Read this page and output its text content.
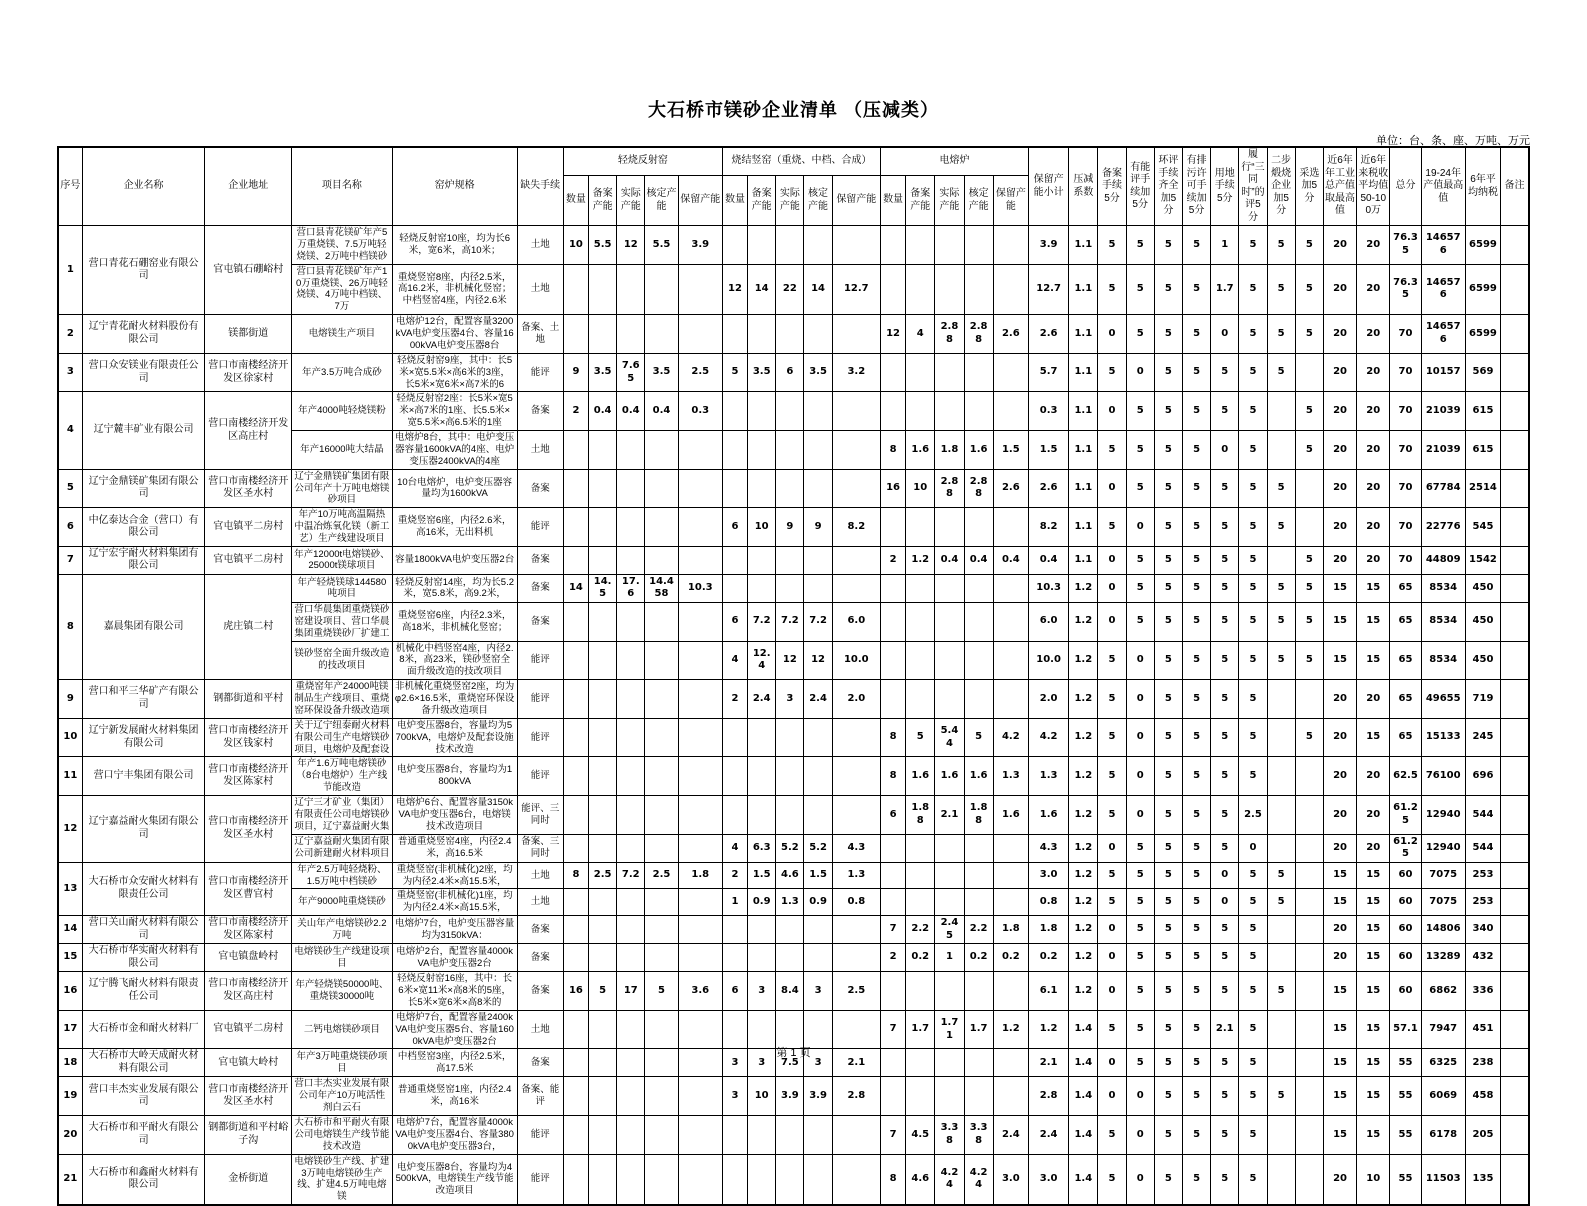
大石桥市镁砂企业清单 （压减类）
单位：台、条、座、万吨、万元
序号	企业名称	企业地址	项目名称	窑炉规格	缺失手续	轻烧反射窑					烧结竖窑（重烧、中档、合成）					电熔炉					保留产能小计	压减系数	备案手续5分	有能评手续加5分	环评手续齐全加5分	有排污许可手续加5分	用地手续5分	履行“三同时”的评5分	二步煅烧企业加5分	采选加5分	近6年年工业总产值取最高值	近6年来税收平均值50-100万	总分	19-24年产值最高值	6年平均纳税	备注
						数量	备案产能	实际产能	核定产能	保留产能	数量	备案产能	实际产能	核定产能	保留产能	数量	备案产能	实际产能	核定产能	保留产能																
1	营口青花石硼窑业有限公司	官屯镇石硼峪村	营口县青花镁矿年产5万重烧镁、7.5万吨轻烧镁、2万吨中档镁砂	轻烧反射窑10座，均为长6米，宽6米，高10米；	土地	10	5.5	12	5.5	3.9											3.9	1.1	5	5	5	5	1	5	5	5	20	20	76.35	146576	6599	
			营口县青花镁矿年产10万重烧镁、26万吨轻烧镁、4万吨中档镁、7万	重烧竖窑8座，内径2.5米，高16.2米，非机械化竖窑；中档竖窑4座，内径2.6米	土地						12	14	22	14	12.7						12.7	1.1	5	5	5	5	1.7	5	5	5	20	20	76.35	146576	6599	
2	辽宁青花耐火材料股份有限公司	镁都街道	电熔镁生产项目	电熔炉12台，配置容量3200kVA电炉变压器4台、容量1600kVA电炉变压器8台	备案、土地											12	4	2.88	2.88	2.6	2.6	1.1	0	5	5	5	0	5	5	5	20	20	70	146576	6599	
3	营口众安镁业有限责任公司	营口市南楼经济开发区徐家村	年产3.5万吨合成砂	轻烧反射窑9座，其中：长5米×宽5.5米×高6米的3座，长5米×宽6米×高7米的6	能评	9	3.5	7.65	3.5	2.5	5	3.5	6	3.5	3.2						5.7	1.1	5	0	5	5	5	5	5		20	20	70	10157	569	
4	辽宁麓丰矿业有限公司	营口南楼经济开发区高庄村	年产4000吨轻烧镁粉	轻烧反射窑2座：长5米×宽5米×高7米的1座、长5.5米×宽5.5米×高6.5米的1座	备案	2	0.4	0.4	0.4	0.3											0.3	1.1	0	5	5	5	5	5		5	20	20	70	21039	615	
			年产16000吨大结晶	电熔炉8台，其中：电炉变压器容量1600kVA的4座、电炉变压器2400kVA的4座	土地											8	1.6	1.8	1.6	1.5	1.5	1.1	5	5	5	5	0	5		5	20	20	70	21039	615	
5	辽宁金鼎镁矿集团有限公司	营口市南楼经济开发区圣水村	辽宁金鼎镁矿集团有限公司年产十万吨电熔镁砂项目	10台电熔炉，电炉变压器容量均为1600kVA	备案											16	10	2.88	2.88	2.6	2.6	1.1	0	5	5	5	5	5	5		20	20	70	67784	2514	
6	中亿泰达合金（营口）有限公司	官屯镇平二房村	年产10万吨高温隔热中温冶炼氧化镁（新工艺）生产线建设项目	重烧竖窑6座，内径2.6米，高16米，无出料机	能评						6	10	9	9	8.2						8.2	1.1	5	0	5	5	5	5	5		20	20	70	22776	545	
7	辽宁宏宇耐火材料集团有限公司	官屯镇平二房村	年产12000t电熔镁砂、25000t镁球项目	容量1800kVA电炉变压器2台	备案											2	1.2	0.4	0.4	0.4	0.4	1.1	0	5	5	5	5	5		5	20	20	70	44809	1542	
8	嘉晨集团有限公司	虎庄镇二村	年产轻烧镁球144580吨项目	轻烧反射窑14座，均为长5.2米，宽5.8米，高9.2米，	备案	14	14.5	17.6	14.458	10.3											10.3	1.2	0	5	5	5	5	5	5	5	15	15	65	8534	450	
			营口华晨集团重烧镁砂窑建设项目、营口华晨集团重烧镁砂厂扩建工	重烧竖窑6座，内径2.3米，高18米，非机械化竖窑；	备案						6	7.2	7.2	7.2	6.0						6.0	1.2	0	5	5	5	5	5	5	5	15	15	65	8534	450	
			镁砂竖窑全面升级改造的技改项目	机械化中档竖窑4座，内径2.8米，高23米，镁砂竖窑全面升级改造的技改项目	能评						4	12.4	12	12	10.0						10.0	1.2	5	0	5	5	5	5	5	5	15	15	65	8534	450	
9	营口和平三华矿产有限公司	钢都街道和平村	重烧窑年产24000吨镁制品生产线项目、重烧窑环保设备升级改造项	非机械化重烧竖窑2座，均为φ2.6×16.5米，重烧窑环保设备升级改造项目	能评						2	2.4	3	2.4	2.0						2.0	1.2	5	0	5	5	5	5			20	20	65	49655	719	
10	辽宁新发展耐火材料集团有限公司	营口市南楼经济开发区钱家村	关于辽宁纽泰耐火材料有限公司生产电熔镁砂项目，电熔炉及配套设	电炉变压器8台，容量均为5700kVA，电熔炉及配套设施技术改造	能评											8	5	5.44	5	4.2	4.2	1.2	5	0	5	5	5	5		5	20	15	65	15133	245	
11	营口宁丰集团有限公司	营口市南楼经济开发区陈家村	年产1.6万吨电熔镁砂（8台电熔炉）生产线节能改造	电炉变压器8台，容量均为1800kVA	能评											8	1.6	1.6	1.6	1.3	1.3	1.2	5	0	5	5	5	5			20	20	62.5	76100	696	
12	辽宁嘉益耐火集团有限公司	营口市南楼经济开发区圣水村	辽宁三才矿业（集团）有限责任公司电熔镁砂项目，辽宁嘉益耐火集	电熔炉6台、配置容量3150kVA电炉变压器6台，电熔镁技术改造项目	能评、三同时											6	1.88	2.1	1.88	1.6	1.6	1.2	5	0	5	5	5	2.5			20	20	61.25	12940	544	
			辽宁嘉益耐火集团有限公司新建耐火材料项目	普通重烧竖窑4座，内径2.4米，高16.5米	备案、三同时						4	6.3	5.2	5.2	4.3						4.3	1.2	0	5	5	5	5	0			20	20	61.25	12940	544	
13	大石桥市众安耐火材料有限责任公司	营口市南楼经济开发区曹官村	年产2.5万吨轻烧粉、1.5万吨中档镁砂	重烧竖窑(非机械化)2座，均为内径2.4米×高15.5米，	土地	8	2.5	7.2	2.5	1.8	2	1.5	4.6	1.5	1.3						3.0	1.2	5	5	5	5	0	5	5		15	15	60	7075	253	
			年产9000吨重烧镁砂	重烧竖窑(非机械化)1座，均为内径2.4米×高15.5米，	土地						1	0.9	1.3	0.9	0.8						0.8	1.2	5	5	5	5	0	5	5		15	15	60	7075	253	
14	营口关山耐火材料有限公司	营口市南楼经济开发区陈家村	关山年产电熔镁砂2.2万吨	电熔炉7台，电炉变压器容量均为3150kVA：	备案											7	2.2	2.45	2.2	1.8	1.8	1.2	0	5	5	5	5	5			20	15	60	14806	340	
15	大石桥市华实耐火材料有限公司	官屯镇盘岭村	电熔镁砂生产线建设项目	电熔炉2台，配置容量4000kVA电炉变压器2台	备案											2	0.2	1	0.2	0.2	0.2	1.2	0	5	5	5	5	5			20	15	60	13289	432	
16	辽宁腾飞耐火材料有限责任公司	营口市南楼经济开发区高庄村	年产轻烧镁50000吨、重烧镁30000吨	轻烧反射窑16座，其中：长6米×宽11米×高8米的5座，长5米×宽6米×高8米的	备案	16	5	17	5	3.6	6	3	8.4	3	2.5						6.1	1.2	0	5	5	5	5	5	5		15	15	60	6862	336	
17	大石桥市金和耐火材料厂	官屯镇平二房村	二钙电熔镁砂项目	电熔炉7台，配置容量2400kVA电炉变压器5台、容量1600kVA电炉变压器2台	土地											7	1.7	1.71	1.7	1.2	1.2	1.4	5	5	5	5	2.1	5			15	15	57.1	7947	451	
18	大石桥市大岭天成耐火材料有限公司	官屯镇大岭村	年产3万吨重烧镁砂项目	中档竖窑3座，内径2.5米，高17.5米	备案						3	3	7.5	3	2.1						2.1	1.4	0	5	5	5	5	5			15	15	55	6325	238	
19	营口丰杰实业发展有限公司	营口市南楼经济开发区圣水村	营口丰杰实业发展有限公司年产10万吨活性剂白云石	普通重烧竖窑1座，内径2.4米，高16米	备案、能评						3	10	3.9	3.9	2.8						2.8	1.4	0	0	5	5	5	5	5		15	15	55	6069	458	
20	大石桥市和平耐火有限公司	钢都街道和平村峪子沟	大石桥市和平耐火有限公司电熔镁生产线节能技术改造	电熔炉7台，配置容量4000kVA电炉变压器4台、容量3800kVA电炉变压器3台，	能评											7	4.5	3.38	3.38	2.4	2.4	1.4	5	0	5	5	5	5			15	15	55	6178	205	
21	大石桥市和鑫耐火材料有限公司	金桥街道	电熔镁砂生产线、扩建3万吨电熔镁砂生产线、扩建4.5万吨电熔镁	电炉变压器8台，容量均为4500kVA，电熔镁生产线节能改造项目	能评											8	4.6	4.24	4.24	3.0	3.0	1.4	5	0	5	5	5	5			20	10	55	11503	135	
第 1 页
